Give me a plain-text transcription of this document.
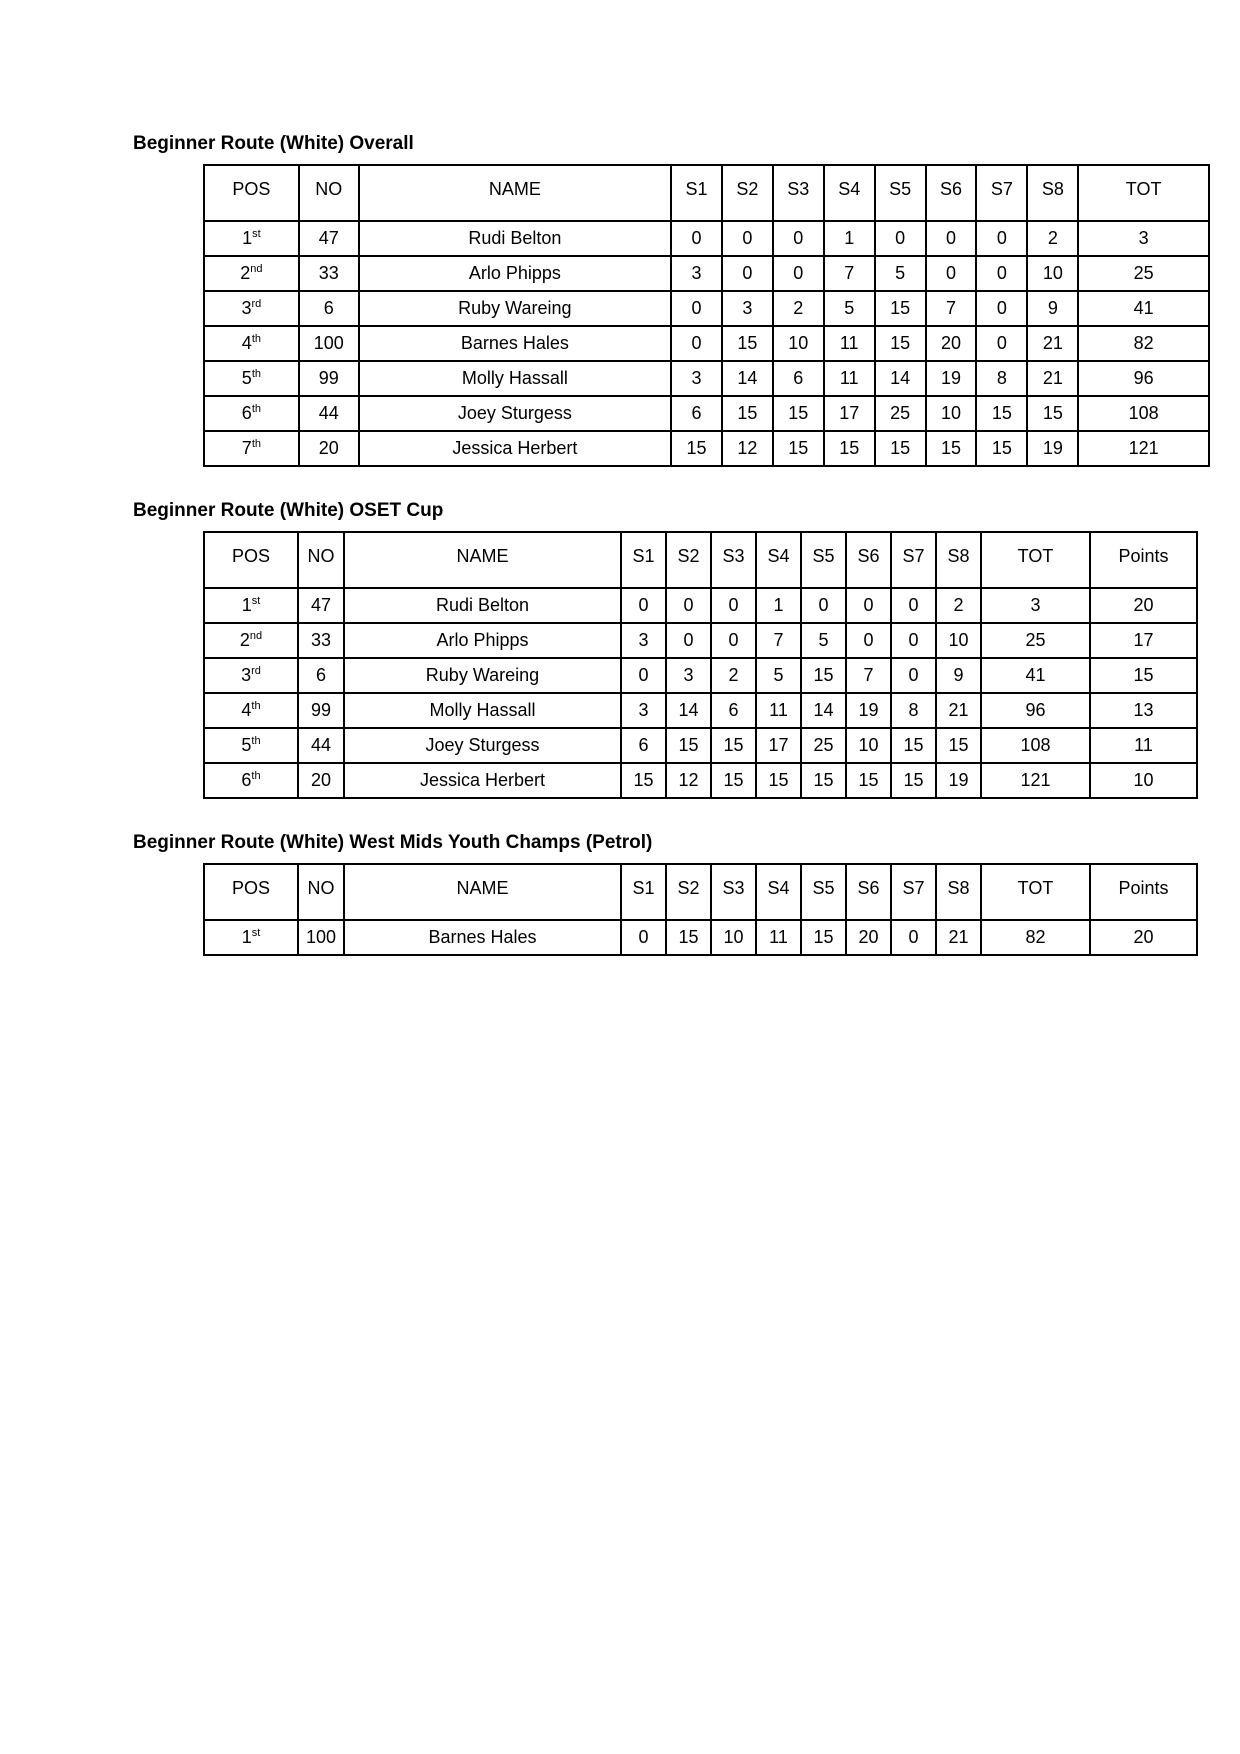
Beginner Route (White) Overall
POS	NO	NAME	S1	S2	S3	S4	S5	S6	S7	S8	TOT
1st	47	Rudi Belton	0	0	0	1	0	0	0	2	3
2nd	33	Arlo Phipps	3	0	0	7	5	0	0	10	25
3rd	6	Ruby Wareing	0	3	2	5	15	7	0	9	41
4th	100	Barnes Hales	0	15	10	11	15	20	0	21	82
5th	99	Molly Hassall	3	14	6	11	14	19	8	21	96
6th	44	Joey Sturgess	6	15	15	17	25	10	15	15	108
7th	20	Jessica Herbert	15	12	15	15	15	15	15	19	121
Beginner Route (White) OSET Cup
POS	NO	NAME	S1	S2	S3	S4	S5	S6	S7	S8	TOT	Points
1st	47	Rudi Belton	0	0	0	1	0	0	0	2	3	20
2nd	33	Arlo Phipps	3	0	0	7	5	0	0	10	25	17
3rd	6	Ruby Wareing	0	3	2	5	15	7	0	9	41	15
4th	99	Molly Hassall	3	14	6	11	14	19	8	21	96	13
5th	44	Joey Sturgess	6	15	15	17	25	10	15	15	108	11
6th	20	Jessica Herbert	15	12	15	15	15	15	15	19	121	10
Beginner Route (White) West Mids Youth Champs (Petrol)
POS	NO	NAME	S1	S2	S3	S4	S5	S6	S7	S8	TOT	Points
1st	100	Barnes Hales	0	15	10	11	15	20	0	21	82	20
